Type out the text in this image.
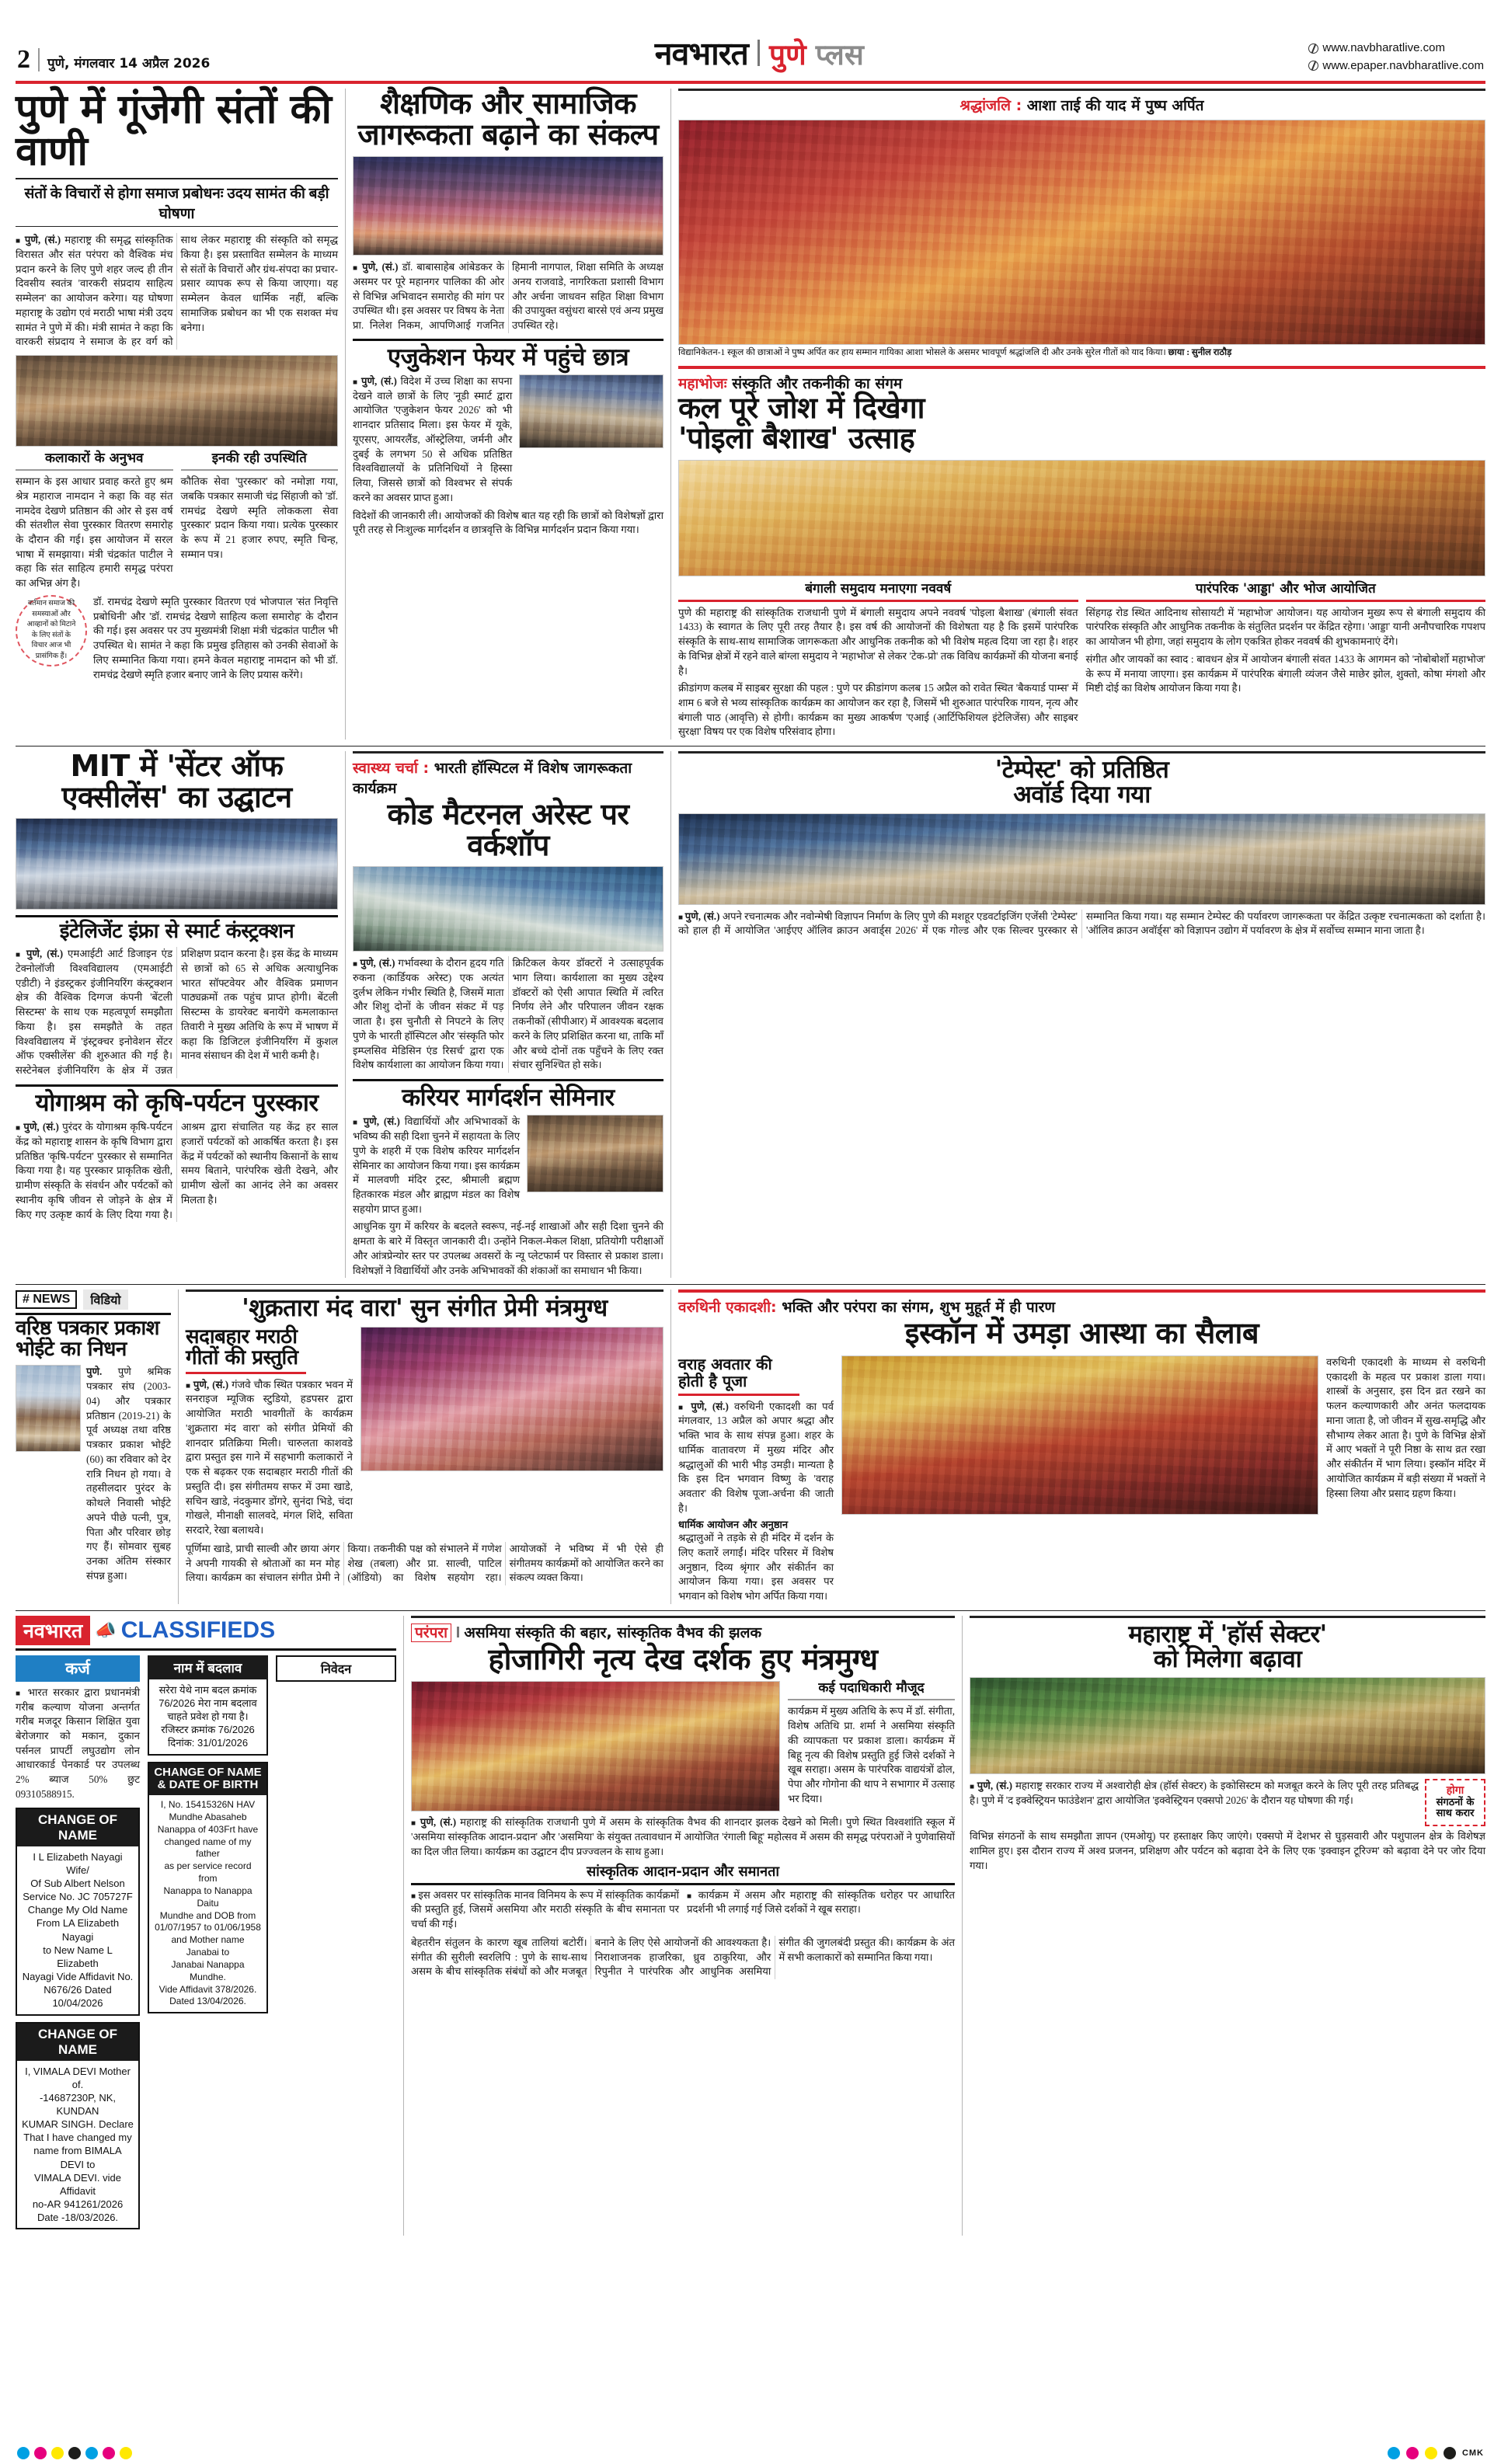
2 पुणे, मंगलवार 14 अप्रैल 2026	नवभारत पुणे प्लस	www.navbharatlive.com
www.epaper.navbharatlive.com
पुणे में गूंजेगी संतों की वाणी
संतों के विचारों से होगा समाज प्रबोधनः उदय सामंत की बड़ी घोषणा
■ पुणे, (सं.) महाराष्ट्र की समृद्ध सांस्कृतिक विरासत और संत परंपरा को वैश्विक मंच प्रदान करने के लिए पुणे शहर जल्द ही तीन दिवसीय स्वतंत्र 'वारकरी संप्रदाय साहित्य सम्मेलन' का आयोजन करेगा। यह घोषणा महाराष्ट्र के उद्योग एवं मराठी भाषा मंत्री उदय सामंत ने पुणे में की। मंत्री सामंत ने कहा कि वारकरी संप्रदाय ने समाज के हर वर्ग को साथ लेकर महाराष्ट्र की संस्कृति को समृद्ध किया है। इस प्रस्तावित सम्मेलन के माध्यम से संतों के विचारों और ग्रंथ-संपदा का प्रचार-प्रसार व्यापक रूप से किया जाएगा। यह सम्मेलन केवल धार्मिक नहीं, बल्कि सामाजिक प्रबोधन का भी एक सशक्त मंच बनेगा।
कलाकारों के अनुभव
सम्मान के इस आधार प्रवाह करते हुए श्रम श्रेत्र महाराज नामदान ने कहा कि वह संत नामदेव देखणे प्रतिष्ठान की ओर से इस वर्ष की संतशील सेवा पुरस्कार वितरण समारोह के दौरान की गई। इस आयोजन में सरल भाषा में समझाया। मंत्री चंद्रकांत पाटील ने कहा कि संत साहित्य हमारी समृद्ध परंपरा का अभिन्न अंग है।
इनकी रही उपस्थिति
कौतिक सेवा 'पुरस्कार' को नमोज्ञा गया, जबकि पत्रकार समाजी चंद्र सिंहाजी को 'डॉ. रामचंद्र देखणे स्मृति लोककला सेवा पुरस्कार' प्रदान किया गया। प्रत्येक पुरस्कार के रूप में 21 हजार रुपए, स्मृति चिन्ह, सम्मान पत्र।
वर्तमान समाज की समस्याओं और आव्हानों को मिटाने के लिए संतों के विचार आज भी प्रासंगिक हैं।
डॉ. रामचंद्र देखणे स्मृति पुरस्कार वितरण एवं भोजपाल 'संत निवृत्ति प्रबोधिनी' और 'डॉ. रामचंद्र देखणे साहित्य कला समारोह' के दौरान की गई। इस अवसर पर उप मुख्यमंत्री शिक्षा मंत्री चंद्रकांत पाटील भी उपस्थित थे। सामंत ने कहा कि प्रमुख इतिहास को उनकी सेवाओं के लिए सम्मानित किया गया। हमने केवल महाराष्ट्र नामदान को भी डॉ. रामचंद्र देखणे स्मृति हजार बनाए जाने के लिए प्रयास करेंगे।
शैक्षणिक और सामाजिक
जागरूकता बढ़ाने का संकल्प
■ पुणे, (सं.) डॉ. बाबासाहेब आंबेडकर के असमर पर पूरे महानगर पालिका की ओर से विभिन्न अभिवादन समारोह की मांग पर उपस्थित थी। इस अवसर पर विषय के नेता प्रा. निलेश निकम, आपणिआई गजनित हिमानी नागपाल, शिक्षा समिति के अध्यक्ष अनय राजवाडे, नागरिकता प्रशासी विभाग और अर्चना जाधवन सहित शिक्षा विभाग की उपायुक्त वसुंधरा बारसे एवं अन्य प्रमुख उपस्थित रहे।
एजुकेशन फेयर में पहुंचे छात्र
■ पुणे, (सं.) विदेश में उच्च शिक्षा का सपना देखने वाले छात्रों के लिए 'नूडी स्मार्ट द्वारा आयोजित 'एजुकेशन फेयर 2026' को भी शानदार प्रतिसाद मिला। इस फेयर में यूके, यूएसए, आयरलैंड, ऑस्ट्रेलिया, जर्मनी और दुबई के लगभग 50 से अधिक प्रतिष्ठित विश्वविद्यालयों के प्रतिनिधियों ने हिस्सा लिया, जिससे छात्रों को विश्वभर से संपर्क करने का अवसर प्राप्त हुआ।
विदेशों की जानकारी ली। आयोजकों की विशेष बात यह रही कि छात्रों को विशेषज्ञों द्वारा पूरी तरह से निःशुल्क मार्गदर्शन व छात्रवृत्ति के विभिन्न मार्गदर्शन प्रदान किया गया।
श्रद्धांजलि : आशा ताई की याद में पुष्प अर्पित
विद्यानिकेतन-1 स्कूल की छात्राओं ने पुष्प अर्पित कर हाय सम्मान गायिका आशा भोसले के असमर भावपूर्ण श्रद्धांजलि दी और उनके सुरेल गीतों को याद किया। छाया : सुनील राठौड़
महाभोजः संस्कृति और तकनीकी का संगम
कल पूरे जोश में दिखेगा
'पोइला बैशाख' उत्साह
बंगाली समुदाय मनाएगा नववर्ष
पुणे की महाराष्ट्र की सांस्कृतिक राजधानी पुणे में बंगाली समुदाय अपने नववर्ष 'पोइला बैशाख' (बंगाली संवत 1433) के स्वागत के लिए पूरी तरह तैयार है। इस वर्ष की आयोजनों की विशेषता यह है कि इसमें पारंपरिक संस्कृति के साथ-साथ सामाजिक जागरूकता और आधुनिक तकनीक को भी विशेष महत्व दिया जा रहा है। शहर के विभिन्न क्षेत्रों में रहने वाले बांग्ला समुदाय ने 'महाभोज' से लेकर 'टेक-प्रो' तक विविध कार्यक्रमों की योजना बनाई है।
क्रीडांगण कलब में साइबर सुरक्षा की पहल : पुणे पर क्रीडांगण कलब 15 अप्रैल को रावेत स्थित 'बैकयार्ड पाम्स' में शाम 6 बजे से भव्य सांस्कृतिक कार्यक्रम का आयोजन कर रहा है, जिसमें भी शुरुआत पारंपरिक गायन, नृत्य और बंगाली पाठ (आवृत्ति) से होगी। कार्यक्रम का मुख्य आकर्षण 'एआई (आर्टिफिशियल इंटेलिजेंस) और साइबर सुरक्षा' विषय पर एक विशेष परिसंवाद होगा।
पारंपरिक 'आड्डा' और भोज आयोजित
सिंहगढ़ रोड स्थित आदिनाथ सोसायटी में 'महाभोज' आयोजन। यह आयोजन मुख्य रूप से बंगाली समुदाय की पारंपरिक संस्कृति और आधुनिक तकनीक के संतुलित प्रदर्शन पर केंद्रित रहेगा। 'आड्डा' यानी अनौपचारिक गपशप का आयोजन भी होगा, जहां समुदाय के लोग एकत्रित होकर नववर्ष की शुभकामनाएं देंगे।
संगीत और जायकों का स्वाद : बावधन क्षेत्र में आयोजन बंगाली संवत 1433 के आगमन को 'नोबोबोर्शो महाभोज' के रूप में मनाया जाएगा। इस कार्यक्रम में पारंपरिक बंगाली व्यंजन जैसे माछेर झोल, शुक्तो, कोषा मंगशो और मिष्टी दोई का विशेष आयोजन किया गया है।
MIT में 'सेंटर ऑफ
एक्सीलेंस' का उद्घाटन
इंटेलिजेंट इंफ्रा से स्मार्ट कंस्ट्रक्शन
■ पुणे, (सं.) एमआईटी आर्ट डिजाइन एंड टेक्नोलॉजी विश्वविद्यालय (एमआईटी एडीटी) ने इंडस्ट्रकर इंजीनियरिंग कंस्ट्रक्शन क्षेत्र की वैश्विक दिग्गज कंपनी 'बेंटली सिस्टम्स' के साथ एक महत्वपूर्ण समझौता किया है। इस समझौते के तहत विश्वविद्यालय में 'इंस्ट्रक्चर इनोवेशन सेंटर ऑफ एक्सीलेंस' की शुरुआत की गई है। सस्टेनेबल इंजीनियरिंग के क्षेत्र में उन्नत प्रशिक्षण प्रदान करना है। इस केंद्र के माध्यम से छात्रों को 65 से अधिक अत्याधुनिक भारत सॉफ्टवेयर और वैश्विक प्रमाणन पाठ्यक्रमों तक पहुंच प्राप्त होगी। बेंटली सिस्टम्स के डायरेक्ट बनायेंगे कमलाकान्त तिवारी ने मुख्य अतिथि के रूप में भाषण में कहा कि डिजिटल इंजीनियरिंग में कुशल मानव संसाधन की देश में भारी कमी है।
योगाश्रम को कृषि-पर्यटन पुरस्कार
■ पुणे, (सं.) पुरंदर के योगाश्रम कृषि-पर्यटन केंद्र को महाराष्ट्र शासन के कृषि विभाग द्वारा प्रतिष्ठित 'कृषि-पर्यटन' पुरस्कार से सम्मानित किया गया है। यह पुरस्कार प्राकृतिक खेती, ग्रामीण संस्कृति के संवर्धन और पर्यटकों को स्थानीय कृषि जीवन से जोड़ने के क्षेत्र में किए गए उत्कृष्ट कार्य के लिए दिया गया है। आश्रम द्वारा संचालित यह केंद्र हर साल हजारों पर्यटकों को आकर्षित करता है। इस केंद्र में पर्यटकों को स्थानीय किसानों के साथ समय बिताने, पारंपरिक खेती देखने, और ग्रामीण खेलों का आनंद लेने का अवसर मिलता है।
स्वास्थ्य चर्चा : भारती हॉस्पिटल में विशेष जागरूकता कार्यक्रम
कोड मैटरनल अरेस्ट पर वर्कशॉप
■ पुणे, (सं.) गर्भावस्था के दौरान हृदय गति रुकना (कार्डियक अरेस्ट) एक अत्यंत दुर्लभ लेकिन गंभीर स्थिति है, जिसमें माता और शिशु दोनों के जीवन संकट में पड़ जाता है। इस चुनौती से निपटने के लिए पुणे के भारती हॉस्पिटल और 'संस्कृति फोर इम्प्लसिव मेडिसिन एंड रिसर्च' द्वारा एक विशेष कार्यशाला का आयोजन किया गया। क्रिटिकल केयर डॉक्टरों ने उत्साहपूर्वक भाग लिया। कार्यशाला का मुख्य उद्देश्य डॉक्टरों को ऐसी आपात स्थिति में त्वरित निर्णय लेने और परिपालन जीवन रक्षक तकनीकों (सीपीआर) में आवश्यक बदलाव करने के लिए प्रशिक्षित करना था, ताकि माँ और बच्चे दोनों तक पहुँचने के लिए रक्त संचार सुनिश्चित हो सके।
करियर मार्गदर्शन सेमिनार
■ पुणे, (सं.) विद्यार्थियों और अभिभावकों के भविष्य की सही दिशा चुनने में सहायता के लिए पुणे के शहरी में एक विशेष करियर मार्गदर्शन सेमिनार का आयोजन किया गया। इस कार्यक्रम में मालवणी मंदिर ट्रस्ट, श्रीमाली ब्रह्मण हितकारक मंडल और ब्राह्मण मंडल का विशेष सहयोग प्राप्त हुआ।
आधुनिक युग में करियर के बदलते स्वरूप, नई-नई शाखाओं और सही दिशा चुनने की क्षमता के बारे में विस्तृत जानकारी दी। उन्होंने निकल-मेकल शिक्षा, प्रतियोगी परीक्षाओं और आंत्रप्रेन्योर स्तर पर उपलब्ध अवसरों के न्यू प्लेटफार्म पर विस्तार से प्रकाश डाला। विशेषज्ञों ने विद्यार्थियों और उनके अभिभावकों की शंकाओं का समाधान भी किया।
'टेम्पेस्ट' को प्रतिष्ठित
अवॉर्ड दिया गया
■ पुणे, (सं.) अपने रचनात्मक और नवोन्मेषी विज्ञापन निर्माण के लिए पुणे की मशहूर एडवर्टाइजिंग एजेंसी 'टेम्पेस्ट' को हाल ही में आयोजित 'आईएए ऑलिव क्राउन अवार्ड्स 2026' में एक गोल्ड और एक सिल्वर पुरस्कार से सम्मानित किया गया। यह सम्मान टेम्पेस्ट की पर्यावरण जागरूकता पर केंद्रित उत्कृष्ट रचनात्मकता को दर्शाता है। 'ऑलिव क्राउन अवॉर्ड्स' को विज्ञापन उद्योग में पर्यावरण के क्षेत्र में सर्वोच्च सम्मान माना जाता है।
# NEWS	विडियो
वरिष्ठ पत्रकार प्रकाश
भोईटे का निधन
पुणे. पुणे श्रमिक पत्रकार संघ (2003-04) और पत्रकार प्रतिष्ठान (2019-21) के पूर्व अध्यक्ष तथा वरिष्ठ पत्रकार प्रकाश भोईटे (60) का रविवार को देर रात्रि निधन हो गया। वे तहसीलदार पुरंदर के कोथले निवासी भोईटे अपने पीछे पत्नी, पुत्र, पिता और परिवार छोड़ गए हैं। सोमवार सुबह उनका अंतिम संस्कार संपन्न हुआ।
'शुक्रतारा मंद वारा' सुन संगीत प्रेमी मंत्रमुग्ध
सदाबहार मराठी
गीतों की प्रस्तुति
■ पुणे, (सं.) गंजवे चौक स्थित पत्रकार भवन में सनराइज म्यूजिक स्टुडियो, हडपसर द्वारा आयोजित मराठी भावगीतों के कार्यक्रम 'शुक्रतारा मंद वारा' को संगीत प्रेमियों की शानदार प्रतिक्रिया मिली। चारुलता काशवडे द्वारा प्रस्तुत इस गाने में सहभागी कलाकारों ने एक से बढ़कर एक सदाबहार मराठी गीतों की प्रस्तुति दी। इस संगीतमय सफर में उमा खाडे, सचिन खाडे, नंदकुमार डोंगरे, सुनंदा भिडे, चंदा गोखले, मीनाक्षी सालवदे, मंगल शिंदे, सविता सरदारे, रेखा बलाथवे।
पूर्णिमा खाडे, प्राची साल्वी और छाया अंगर ने अपनी गायकी से श्रोताओं का मन मोह लिया। कार्यक्रम का संचालन संगीत प्रेमी ने किया। तकनीकी पक्ष को संभालने में गणेश शेख (तबला) और प्रा. साल्वी, पाटिल (ऑडियो) का विशेष सहयोग रहा। आयोजकों ने भविष्य में भी ऐसे ही संगीतमय कार्यक्रमों को आयोजित करने का संकल्प व्यक्त किया।
वरुथिनी एकादशी: भक्ति और परंपरा का संगम, शुभ मुहूर्त में ही पारण
इस्कॉन में उमड़ा आस्था का सैलाब
वराह अवतार की
होती है पूजा
■ पुणे, (सं.) वरुथिनी एकादशी का पर्व मंगलवार, 13 अप्रैल को अपार श्रद्धा और भक्ति भाव के साथ संपन्न हुआ। शहर के धार्मिक वातावरण में मुख्य मंदिर और श्रद्धालुओं की भारी भीड़ उमड़ी। मान्यता है कि इस दिन भगवान विष्णु के 'वराह अवतार' की विशेष पूजा-अर्चना की जाती है।
धार्मिक आयोजन और अनुष्ठान
श्रद्धालुओं ने तड़के से ही मंदिर में दर्शन के लिए कतारें लगाईं। मंदिर परिसर में विशेष अनुष्ठान, दिव्य श्रृंगार और संकीर्तन का आयोजन किया गया। इस अवसर पर भगवान को विशेष भोग अर्पित किया गया।
वरुथिनी एकादशी के माध्यम से वरुथिनी एकादशी के महत्व पर प्रकाश डाला गया। शास्त्रों के अनुसार, इस दिन व्रत रखने का फलन कल्याणकारी और अनंत फलदायक माना जाता है, जो जीवन में सुख-समृद्धि और सौभाग्य लेकर आता है। पुणे के विभिन्न क्षेत्रों में आए भक्तों ने पूरी निष्ठा के साथ व्रत रखा और संकीर्तन में भाग लिया। इस्कॉन मंदिर में आयोजित कार्यक्रम में बड़ी संख्या में भक्तों ने हिस्सा लिया और प्रसाद ग्रहण किया।
नवभारत 📣 CLASSIFIEDS
कर्ज
■ भारत सरकार द्वारा प्रधानमंत्री गरीब कल्याण योजना अन्तर्गत गरीब मजदूर किसान शिक्षित युवा बेरोजगार को मकान, दुकान पर्सनल प्रापर्टी लघुउद्योग लोन आधारकार्ड पेनकार्ड पर उपलब्ध 2% ब्याज 50% छुट 09310588915.
CHANGE OF NAME
I L Elizabeth Nayagi Wife/
Of Sub Albert Nelson
Service No. JC 705727F
Change My Old Name
From LA Elizabeth Nayagi
to New Name L Elizabeth
Nayagi Vide Affidavit No.
N676/26 Dated 10/04/2026
CHANGE OF NAME
I, VIMALA DEVI Mother of.
-14687230P, NK, KUNDAN
KUMAR SINGH. Declare
That I have changed my
name from BIMALA DEVI to
VIMALA DEVI. vide Affidavit
no-AR 941261/2026
Date -18/03/2026.
नाम में बदलाव
सरेरा येथे नाम बदल क्रमांक 76/2026 मेरा नाम बदलाव चाहते प्रवेश हो गया है। रजिस्टर क्रमांक 76/2026 दिनांक: 31/01/2026
CHANGE OF NAME & DATE OF BIRTH
I, No. 15415326N HAV
Mundhe Abasaheb
Nanappa of 403Frt have
changed name of my father
as per service record from
Nanappa to Nanappa Daitu
Mundhe and DOB from
01/07/1957 to 01/06/1958
and Mother name Janabai to
Janabai Nanappa Mundhe.
Vide Affidavit 378/2026.
Dated 13/04/2026.
निवेदन
परंपरा असमिया संस्कृति की बहार, सांस्कृतिक वैभव की झलक
होजागिरी नृत्य देख दर्शक हुए मंत्रमुग्ध
कई पदाधिकारी मौजूद
कार्यक्रम में मुख्य अतिथि के रूप में डॉ. संगीता, विशेष अतिथि प्रा. शर्मा ने असमिया संस्कृति की व्यापकता पर प्रकाश डाला। कार्यक्रम में बिहू नृत्य की विशेष प्रस्तुति हुई जिसे दर्शकों ने खूब सराहा। असम के पारंपरिक वाद्ययंत्रों ढोल, पेपा और गोगोना की थाप ने सभागार में उत्साह भर दिया।
■ पुणे, (सं.) महाराष्ट्र की सांस्कृतिक राजधानी पुणे में असम के सांस्कृतिक वैभव की शानदार झलक देखने को मिली। पुणे स्थित विश्वशांति स्कूल में 'असमिया सांस्कृतिक आदान-प्रदान' और 'असमिया' के संयुक्त तत्वावधान में आयोजित 'रंगाली बिहू' महोत्सव में असम की समृद्ध परंपराओं ने पुणेवासियों का दिल जीत लिया। कार्यक्रम का उद्घाटन दीप प्रज्ज्वलन के साथ हुआ।
सांस्कृतिक आदान-प्रदान और समानता
■ इस अवसर पर सांस्कृतिक मानव विनिमय के रूप में सांस्कृतिक कार्यक्रमों की प्रस्तुति हुई, जिसमें असमिया और मराठी संस्कृति के बीच समानता पर चर्चा की गई।
■ कार्यक्रम में असम और महाराष्ट्र की सांस्कृतिक धरोहर पर आधारित प्रदर्शनी भी लगाई गई जिसे दर्शकों ने खूब सराहा।
बेहतरीन संतुलन के कारण खूब तालियां बटोरीं। संगीत की सुरीली स्वरलिपि : पुणे के साथ-साथ असम के बीच सांस्कृतिक संबंधों को और मजबूत बनाने के लिए ऐसे आयोजनों की आवश्यकता है। निराशाजनक हाजरिका, ध्रुव ठाकुरिया, और रिपुनीत ने पारंपरिक और आधुनिक असमिया संगीत की जुगलबंदी प्रस्तुत की। कार्यक्रम के अंत में सभी कलाकारों को सम्मानित किया गया।
महाराष्ट्र में 'हॉर्स सेक्टर'
को मिलेगा बढ़ावा
■ पुणे, (सं.) महाराष्ट्र सरकार राज्य में अश्वारोही क्षेत्र (हॉर्स सेक्टर) के इकोसिस्टम को मजबूत करने के लिए पूरी तरह प्रतिबद्ध है। पुणे में 'द इक्वेस्ट्रियन फाउंडेशन' द्वारा आयोजित 'इक्वेस्ट्रियन एक्सपो 2026' के दौरान यह घोषणा की गई।
होगा
संगठनों के
साथ करार
विभिन्न संगठनों के साथ समझौता ज्ञापन (एमओयू) पर हस्ताक्षर किए जाएंगे। एक्सपो में देशभर से घुड़सवारी और पशुपालन क्षेत्र के विशेषज्ञ शामिल हुए। इस दौरान राज्य में अश्व प्रजनन, प्रशिक्षण और पर्यटन को बढ़ावा देने के लिए एक 'इक्वाइन टूरिज्म' को बढ़ावा देने पर जोर दिया गया।
CMK
